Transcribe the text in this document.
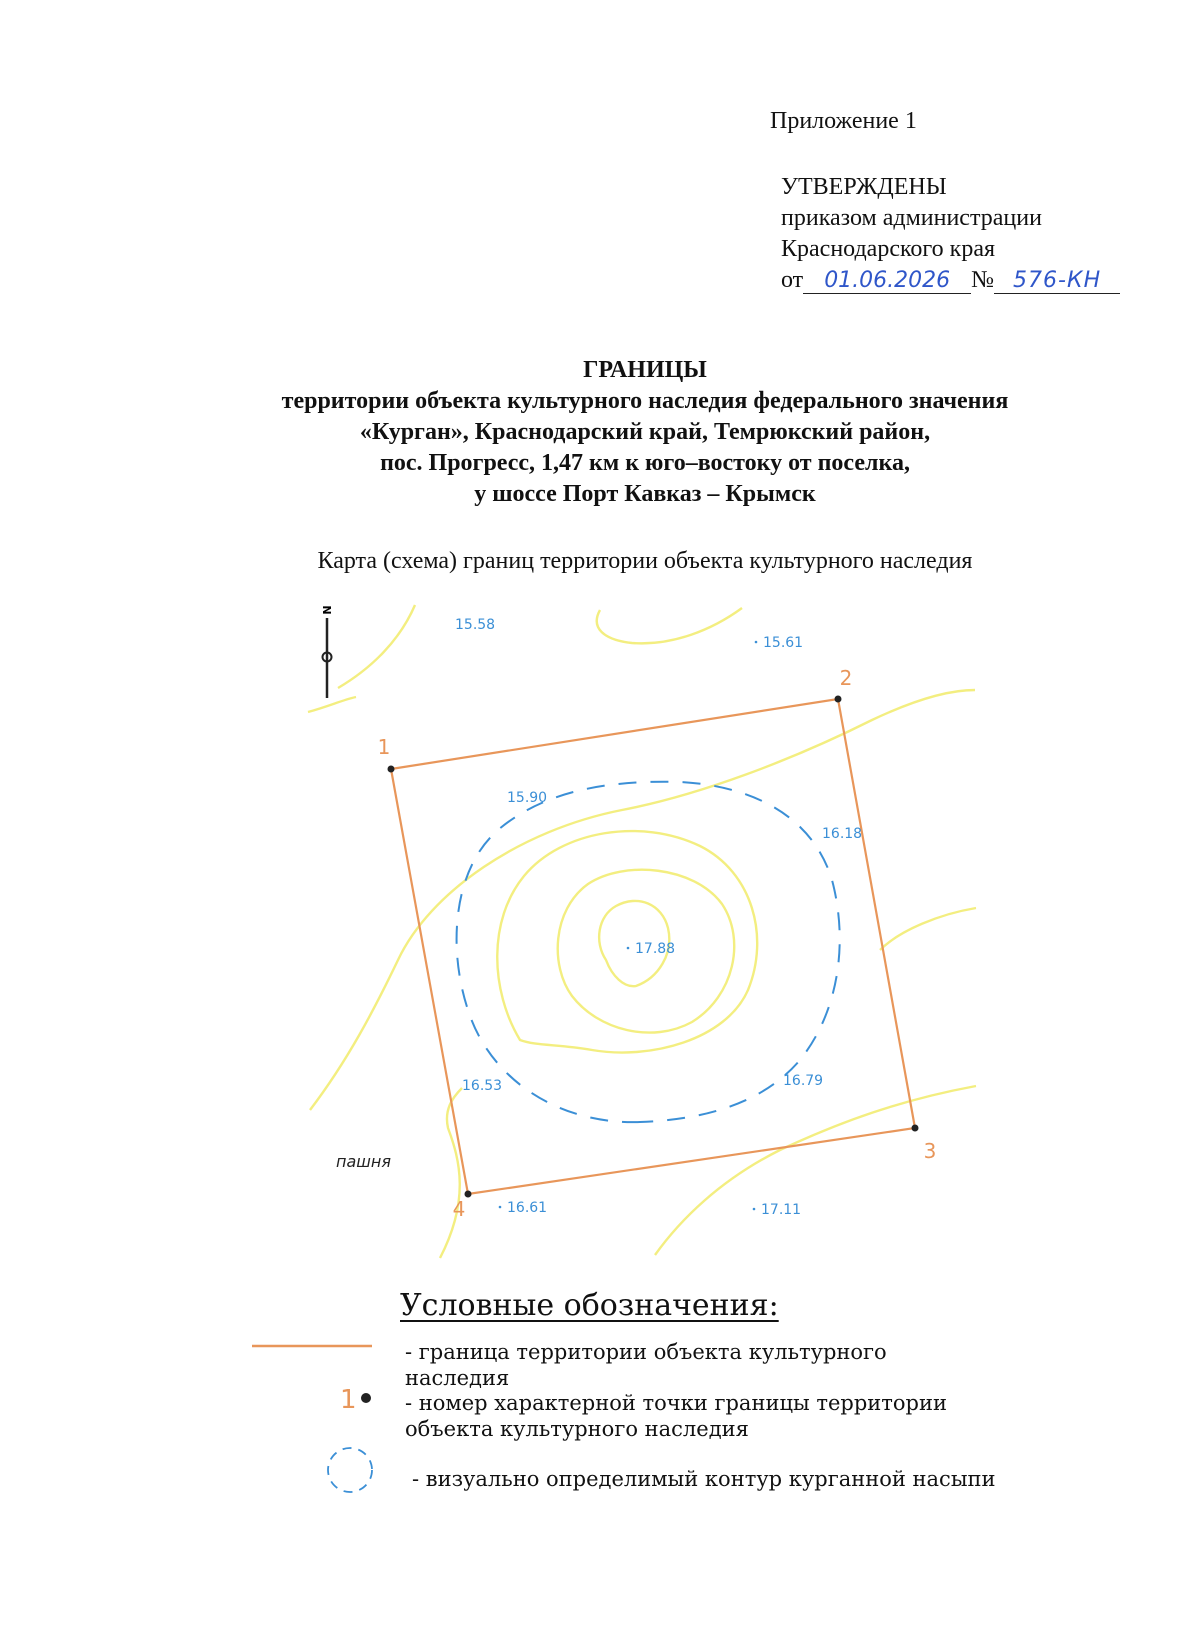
Приложение 1
УТВЕРЖДЕНЫ
приказом администрации
Краснодарского края
от 01.06.2026 № 576-КН
ГРАНИЦЫ
территории объекта культурного наследия федерального значения
«Курган», Краснодарский край, Темрюкский район,
пос. Прогресс, 1,47 км к юго–востоку от поселка,
у шоссе Порт Кавказ – Крымск
Карта (схема) границ территории объекта культурного наследия
N
1
2
3
4
15.58
15.61
15.90
16.18
17.88
16.53	16.79
16.61	17.11
пашня
Условные обозначения:
- граница территории объекта культурного
наследия
1 - номер характерной точки границы территории
объекта культурного наследия
- визуально определимый контур курганной насыпи
